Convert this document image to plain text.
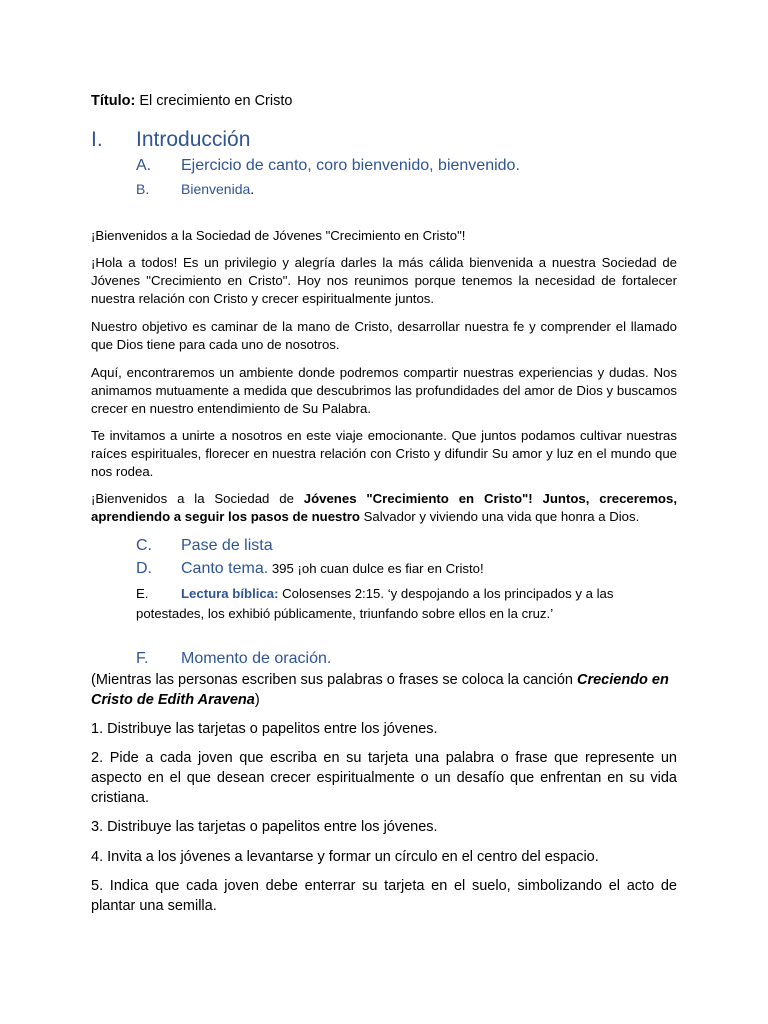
Título: El crecimiento en Cristo
I. Introducción
A. Ejercicio de canto, coro bienvenido, bienvenido.
B. Bienvenida.
¡Bienvenidos a la Sociedad de Jóvenes "Crecimiento en Cristo"!
¡Hola a todos! Es un privilegio y alegría darles la más cálida bienvenida a nuestra Sociedad de Jóvenes "Crecimiento en Cristo". Hoy nos reunimos porque tenemos la necesidad de fortalecer nuestra relación con Cristo y crecer espiritualmente juntos.
Nuestro objetivo es caminar de la mano de Cristo, desarrollar nuestra fe y comprender el llamado que Dios tiene para cada uno de nosotros.
Aquí, encontraremos un ambiente donde podremos compartir nuestras experiencias y dudas. Nos animamos mutuamente a medida que descubrimos las profundidades del amor de Dios y buscamos crecer en nuestro entendimiento de Su Palabra.
Te invitamos a unirte a nosotros en este viaje emocionante. Que juntos podamos cultivar nuestras raíces espirituales, florecer en nuestra relación con Cristo y difundir Su amor y luz en el mundo que nos rodea.
¡Bienvenidos a la Sociedad de Jóvenes "Crecimiento en Cristo"! Juntos, creceremos, aprendiendo a seguir los pasos de nuestro Salvador y viviendo una vida que honra a Dios.
C. Pase de lista
D. Canto tema. 395 ¡oh cuan dulce es fiar en Cristo!
E. Lectura bíblica: Colosenses 2:15. ‘y despojando a los principados y a las potestades, los exhibió públicamente, triunfando sobre ellos en la cruz.’
F. Momento de oración.
(Mientras las personas escriben sus palabras o frases se coloca la canción Creciendo en Cristo de Edith Aravena)
1. Distribuye las tarjetas o papelitos entre los jóvenes.
2. Pide a cada joven que escriba en su tarjeta una palabra o frase que represente un aspecto en el que desean crecer espiritualmente o un desafío que enfrentan en su vida cristiana.
3. Distribuye las tarjetas o papelitos entre los jóvenes.
4. Invita a los jóvenes a levantarse y formar un círculo en el centro del espacio.
5. Indica que cada joven debe enterrar su tarjeta en el suelo, simbolizando el acto de plantar una semilla.
